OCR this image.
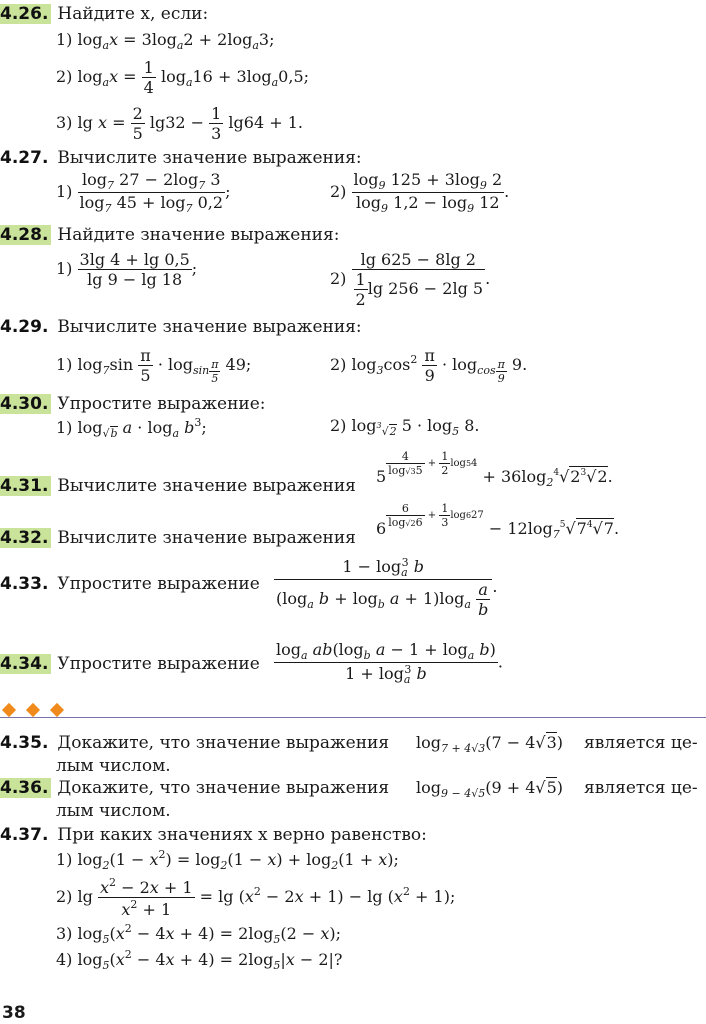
4.26. Найдите x, если:
1) $\log_ax = 3\log_a2 + 2\log_a3$;
2) $\log_ax = \frac{1}{4} \log_a16 + 3\log_a0,5$;
3) $\lg x = \frac{2}{5} \lg 32 - \frac{1}{3} \lg 64 + 1$.
4.27. Вычислите значение выражения:
$1) \frac{\log_7 27 - 2\log_7 3}{\log_7 45 + \log_7 0,2}$ ;	$2) \frac{\log_9 125 + 3\log_9 2}{\log_9 1,2 - \log_9 12}$ .
4.28. Найдите значение выражения:
$1) \frac{3\lg 4 + \lg 0,5}{\lg 9 - \lg 18}$ ;
$2) \frac{\lg 625 - 8\lg 2}{\frac{1}{2} \lg 256 - 2\lg 5}$ .
4.29. Вычислите значение выражения:
1) $\log_7\sin \frac{\pi}{5} \cdot \log_{sin \frac{\pi}{5}} 49$;	2) $\log_3\cos^2 \frac{\pi}{9} \cdot \log_{cos \frac{\pi}{9}} 9$.
4.30. Упростите выражение:
1) $\log_{√b} a \cdot \log_a b^3$;	2) $\log_{^3√2} 5 \cdot \log_5 8$.
4.31. Вычислите значение выражения 5 $^{\frac{4}{\log√35} + \frac{1}{2} log54} + 36\log_2^4√2^3√2$.
4.32. Вычислите значение выражения 6 $^{\frac{6}{\log√26} + \frac{1}{3} log627} - 12\log_7^5√7^4√7$.
4.33. Упростите выражение $\frac{1 - \log_a^3 b}{(\log_a b + \log_b a + 1)\log_a \frac{a}{b}}$ .
4.34. Упростите выражение $\frac{\log_a ab(\log_b a - 1 + \log_a b)}{1 + \log_a^3 b}$ .
4.35. Докажите, что значение выражения $\log_{7 + 4√3}(7 - 4√3)$ является це-
лым числом.
4.36. Докажите, что значение выражения $\log_{9 - 4√5}(9 + 4√5)$ является це-
лым числом.
4.37. При каких значениях x верно равенство:
1) $\log_2(1 - x^2) = \log_2(1 - x) + \log_2(1 + x)$;
2) $\lg \frac{x^2 - 2x + 1}{x^2 + 1} = \lg (x^2 - 2x + 1) - \lg (x^2 + 1)$;
3) $\log_5(x^2 - 4x + 4) = 2\log_5(2 - x)$;
4) $\log_5(x^2 - 4x + 4) = 2\log_5|x - 2|$?
38
